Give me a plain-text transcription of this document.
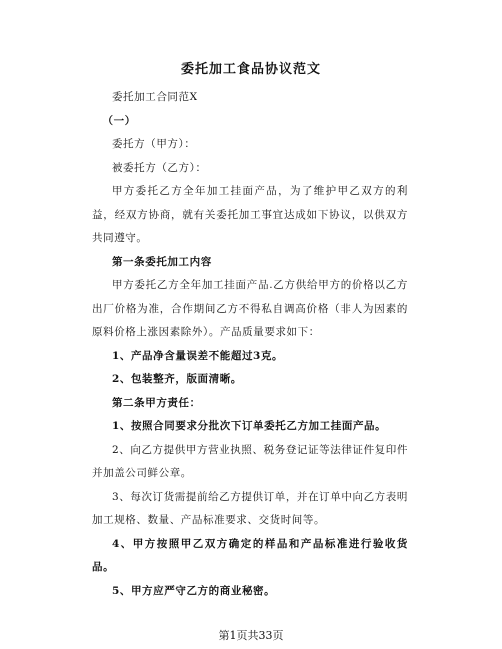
委托加工食品协议范文

委托加工合同范X

（一）

委托方（甲方）：

被委托方（乙方）：

甲方委托乙方全年加工挂面产品，为了维护甲乙双方的利益，经双方协商，就有关委托加工事宜达成如下协议，以供双方共同遵守。

第一条委托加工内容

甲方委托乙方全年加工挂面产品.乙方供给甲方的价格以乙方出厂价格为准，合作期间乙方不得私自调高价格（非人为因素的原料价格上涨因素除外）。产品质量要求如下：

1、产品净含量误差不能超过3克。

2、包装整齐，版面清晰。

第二条甲方责任：

1、按照合同要求分批次下订单委托乙方加工挂面产品。

2、向乙方提供甲方营业执照、税务登记证等法律证件复印件并加盖公司鲜公章。

3、每次订货需提前给乙方提供订单，并在订单中向乙方表明加工规格、数量、产品标准要求、交货时间等。

4、甲方按照甲乙双方确定的样品和产品标准进行验收货品。

5、甲方应严守乙方的商业秘密。

第1页共33页
